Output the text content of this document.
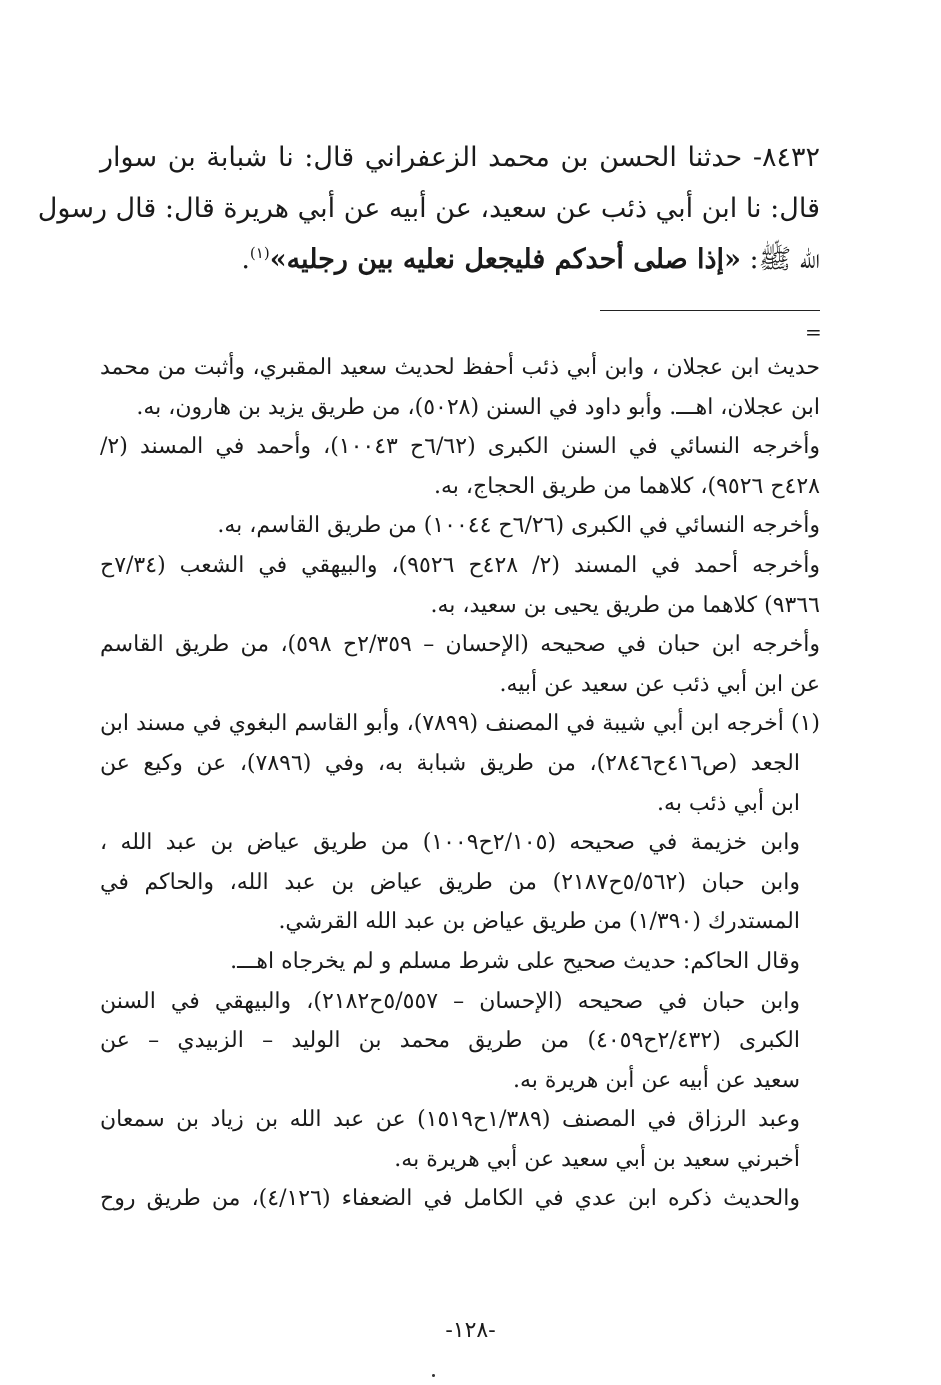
٨٤٣٢- حدثنا الحسن بن محمد الزعفراني قال: نا شبابة بن سوار
قال: نا ابن أبي ذئب عن سعيد، عن أبيه عن أبي هريرة قال: قال رسول
الله ﷺ: «إذا صلى أحدكم فليجعل نعليه بين رجليه»$^{(١)}$.
=
حديث ابن عجلان ، وابن أبي ذئب أحفظ لحديث سعيد المقبري، وأثبت من محمد
ابن عجلان، اهـــ. وأبو داود في السنن (٥٠٢٨)، من طريق يزيد بن هارون، به.
وأخرجه النسائي في السنن الكبرى (٦/٦٢ح ١٠٠٤٣)، وأحمد في المسند (٢/
٤٢٨ح ٩٥٢٦)، كلاهما من طريق الحجاج، به.
وأخرجه النسائي في الكبرى (٦/٢٦ح ١٠٠٤٤) من طريق القاسم، به.
وأخرجه أحمد في المسند (٢/ ٤٢٨ح ٩٥٢٦)، والبيهقي في الشعب (٧/٣٤ح
٩٣٦٦) كلاهما من طريق يحيى بن سعيد، به.
وأخرجه ابن حبان في صحيحه (الإحسان – ٢/٣٥٩ح ٥٩٨)، من طريق القاسم
عن ابن أبي ذئب عن سعيد عن أبيه.
(١) أخرجه ابن أبي شيبة في المصنف (٧٨٩٩)، وأبو القاسم البغوي في مسند ابن
الجعد (ص٤١٦ح٢٨٤٦)، من طريق شبابة به، وفي (٧٨٩٦)، عن وكيع عن
ابن أبي ذئب به.
وابن خزيمة في صحيحه (٢/١٠٥ح١٠٠٩) من طريق عياض بن عبد الله ،
وابن حبان (٥/٥٦٢ح٢١٨٧) من طريق عياض بن عبد الله، والحاكم في
المستدرك (١/٣٩٠) من طريق عياض بن عبد الله القرشي.
وقال الحاكم: حديث صحيح على شرط مسلم و لم يخرجاه اهـــ.
وابن حبان في صحيحه (الإحسان – ٥/٥٥٧ح٢١٨٢)، والبيهقي في السنن
الكبرى (٢/٤٣٢ح٤٠٥٩) من طريق محمد بن الوليد – الزبيدي – عن
سعيد عن أبيه عن أبن هريرة به.
وعبد الرزاق في المصنف (١/٣٨٩ح١٥١٩) عن عبد الله بن زياد بن سمعان
أخبرني سعيد بن أبي سعيد عن أبي هريرة به.
والحديث ذكره ابن عدي في الكامل في الضعفاء (٤/١٢٦)، من طريق روح
-١٢٨-
